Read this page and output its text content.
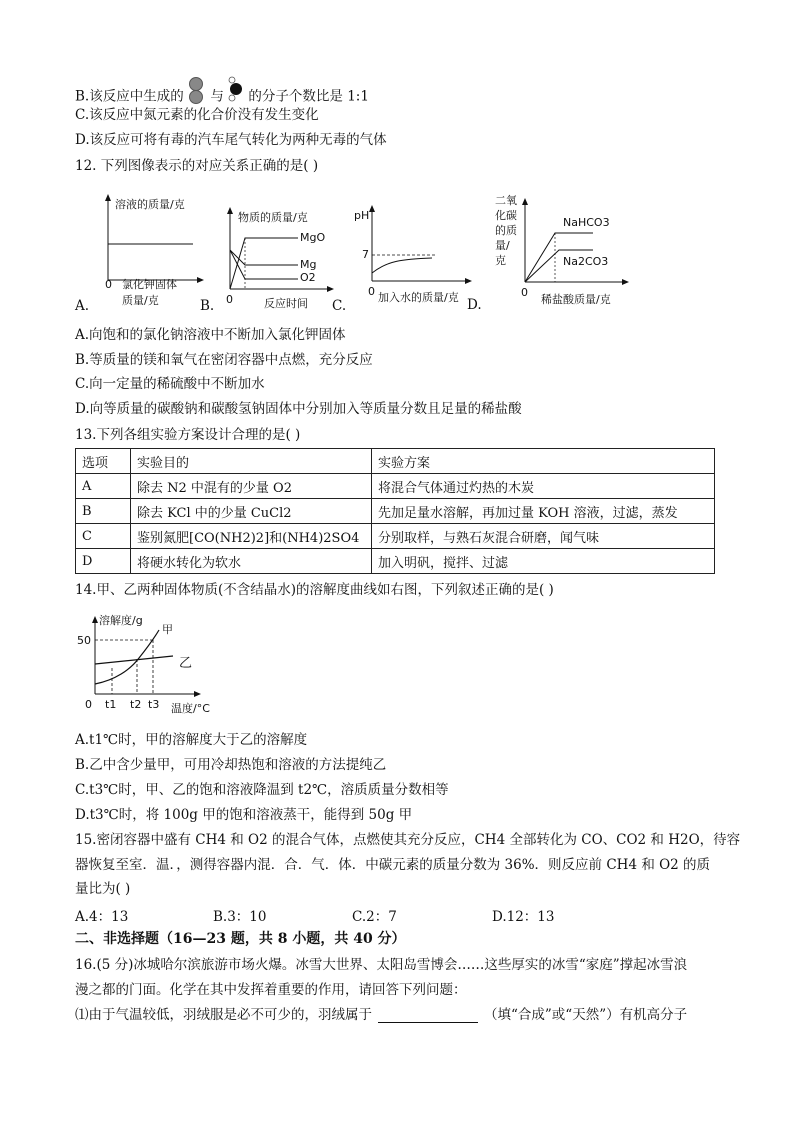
B.该反应中生成的 与 的分子个数比是 1:1
C.该反应中氮元素的化合价没有发生变化
D.该反应可将有毒的汽车尾气转化为两种无毒的气体
12. 下列图像表示的对应关系正确的是( )
溶液的质量/克
0 氯化钾固体
质量/克
A.
物质的质量/克
MgO
Mg
O2
0	反应时间
B.
pH
7
0 加入水的质量/克
C.
二氧
化碳
的质
量/
克
NaHCO3
Na2CO3
0
稀盐酸质量/克
D.
A.向饱和的氯化钠溶液中不断加入氯化钾固体
B.等质量的镁和氧气在密闭容器中点燃，充分反应
C.向一定量的稀硫酸中不断加水
D.向等质量的碳酸钠和碳酸氢钠固体中分别加入等质量分数且足量的稀盐酸
13.下列各组实验方案设计合理的是( )
选项	实验目的	实验方案
A	除去 N2 中混有的少量 O2	将混合气体通过灼热的木炭
B	除去 KCl 中的少量 CuCl2	先加足量水溶解，再加过量 KOH 溶液，过滤，蒸发
C	鉴别氮肥[CO(NH2)2]和(NH4)2SO4	分别取样，与熟石灰混合研磨，闻气味
D	将硬水转化为软水	加入明矾，搅拌、过滤
14.甲、乙两种固体物质(不含结晶水)的溶解度曲线如右图，下列叙述正确的是( )
溶解度/g
50
甲
乙
0 t1 t2 t3 温度/°C
A.t1℃时，甲的溶解度大于乙的溶解度
B.乙中含少量甲，可用冷却热饱和溶液的方法提纯乙
C.t3℃时，甲、乙的饱和溶液降温到 t2℃，溶质质量分数相等
D.t3℃时，将 100g 甲的饱和溶液蒸干，能得到 50g 甲
15.密闭容器中盛有 CH4 和 O2 的混合气体，点燃使其充分反应，CH4 全部转化为 CO、CO2 和 H2O，待容
器恢复至室．温．，测得容器内混．合．气．体．中碳元素的质量分数为 36%．则反应前 CH4 和 O2 的质
量比为( )
A.4：13	B.3：10	C.2：7	D.12：13
二、非选择题（16—23 题，共 8 小题，共 40 分）
16.(5 分)冰城哈尔滨旅游市场火爆。冰雪大世界、太阳岛雪博会……这些厚实的冰雪“家庭”撑起冰雪浪
漫之都的门面。化学在其中发挥着重要的作用，请回答下列问题：
⑴由于气温较低，羽绒服是必不可少的，羽绒属于	（填“合成”或“天然”）有机高分子
